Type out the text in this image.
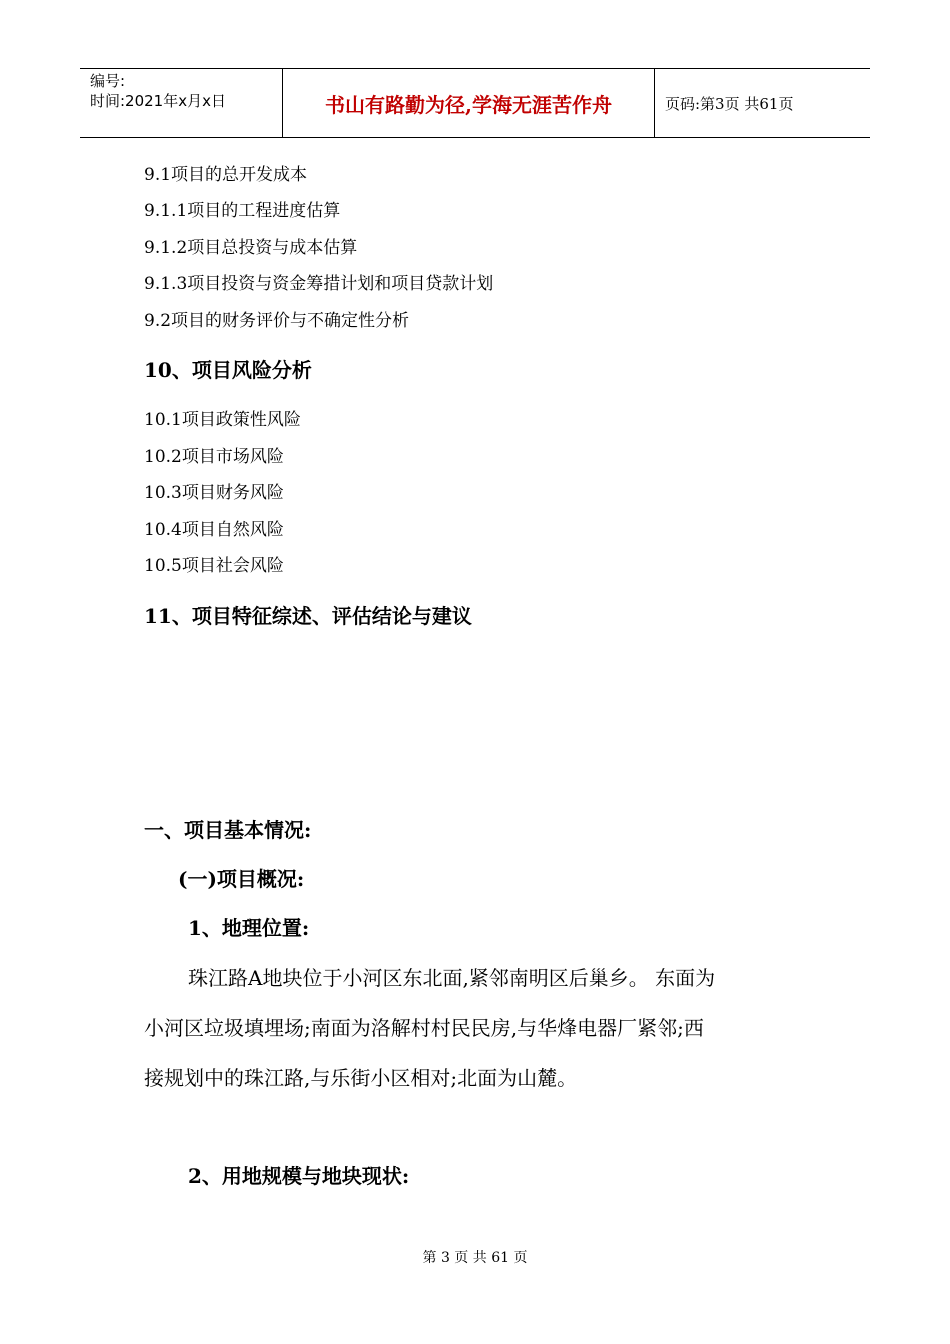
编号:
时间:2021年x月x日	书山有路勤为径,学海无涯苦作舟	页码:第3页 共61页
9.1项目的总开发成本
9.1.1项目的工程进度估算
9.1.2项目总投资与成本估算
9.1.3项目投资与资金筹措计划和项目贷款计划
9.2项目的财务评价与不确定性分析
10、项目风险分析
10.1项目政策性风险
10.2项目市场风险
10.3项目财务风险
10.4项目自然风险
10.5项目社会风险
11、项目特征综述、评估结论与建议
一、项目基本情况:
(一)项目概况:
1、地理位置:
珠江路A地块位于小河区东北面,紧邻南明区后巢乡。 东面为
小河区垃圾填埋场;南面为洛解村村民民房,与华烽电器厂紧邻;西
接规划中的珠江路,与乐街小区相对;北面为山麓。
2、用地规模与地块现状:
第 3 页 共 61 页
